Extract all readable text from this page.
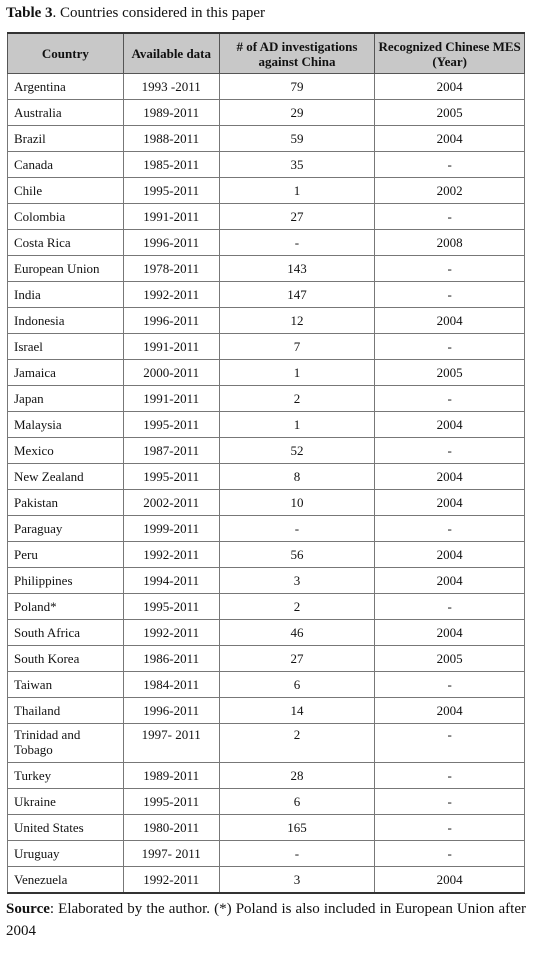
Table 3. Countries considered in this paper
Country	Available data	# of AD investigations against China	Recognized Chinese MES (Year)
Argentina	1993 -2011	79	2004
Australia	1989-2011	29	2005
Brazil	1988-2011	59	2004
Canada	1985-2011	35	-
Chile	1995-2011	1	2002
Colombia	1991-2011	27	-
Costa Rica	1996-2011	-	2008
European Union	1978-2011	143	-
India	1992-2011	147	-
Indonesia	1996-2011	12	2004
Israel	1991-2011	7	-
Jamaica	2000-2011	1	2005
Japan	1991-2011	2	-
Malaysia	1995-2011	1	2004
Mexico	1987-2011	52	-
New Zealand	1995-2011	8	2004
Pakistan	2002-2011	10	2004
Paraguay	1999-2011	-	-
Peru	1992-2011	56	2004
Philippines	1994-2011	3	2004
Poland*	1995-2011	2	-
South Africa	1992-2011	46	2004
South Korea	1986-2011	27	2005
Taiwan	1984-2011	6	-
Thailand	1996-2011	14	2004
Trinidad and Tobago	1997- 2011	2	-
Turkey	1989-2011	28	-
Ukraine	1995-2011	6	-
United States	1980-2011	165	-
Uruguay	1997- 2011	-	-
Venezuela	1992-2011	3	2004
Source: Elaborated by the author. (*) Poland is also included in European Union after 2004
